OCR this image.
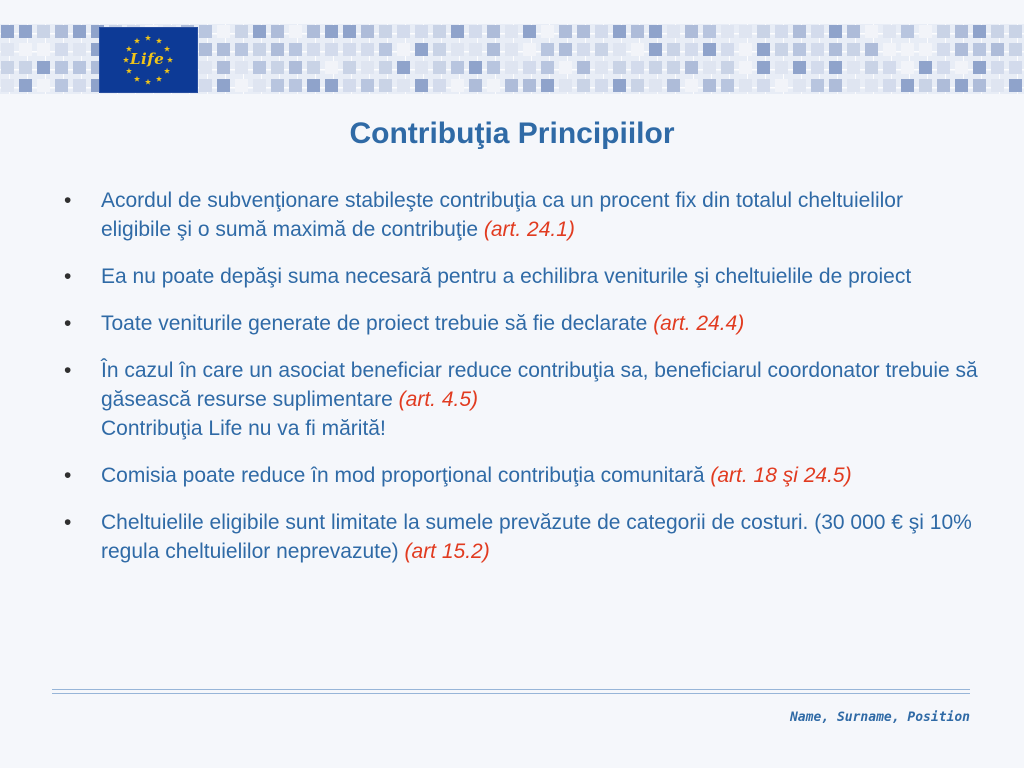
Life
Contribuţia Principiilor
• Acordul de subvenţionare stabileşte contribuţia ca un procent fix din totalul cheltuielilor eligibile şi o sumă maximă de contribuţie (art. 24.1)
• Ea nu poate depăşi suma necesară pentru a echilibra veniturile şi cheltuielile de proiect
• Toate veniturile generate de proiect trebuie să fie declarate (art. 24.4)
• În cazul în care un asociat beneficiar reduce contribuţia sa, beneficiarul coordonator trebuie să găsească resurse suplimentare (art. 4.5)
Contribuţia Life nu va fi mărită!
• Comisia poate reduce în mod proporţional contribuţia comunitară (art. 18 şi 24.5)
• Cheltuielile eligibile sunt limitate la sumele prevăzute de categorii de costuri. (30 000 € şi 10% regula cheltuielilor neprevazute) (art 15.2)
Name, Surname, Position
